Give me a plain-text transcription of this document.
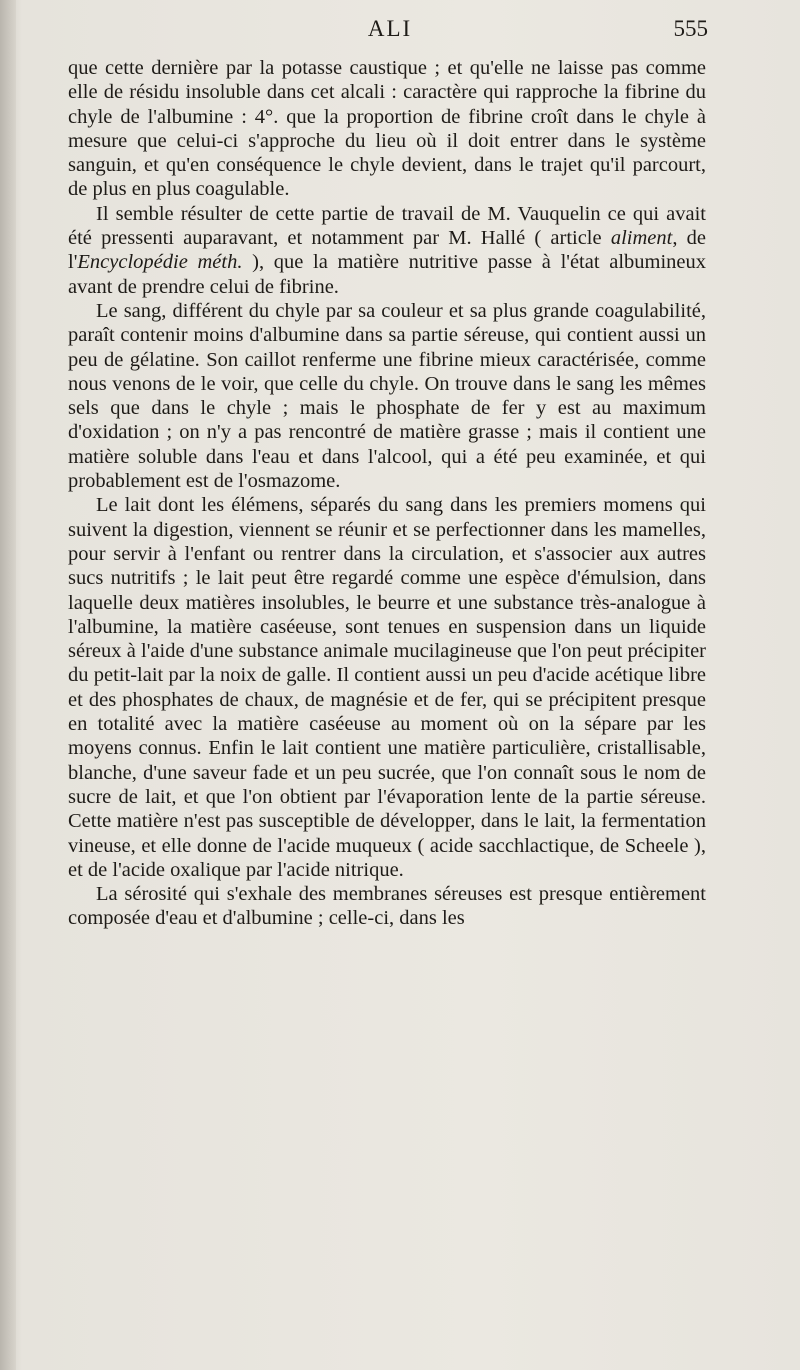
ALI	555

que cette dernière par la potasse caustique ; et qu'elle ne laisse pas comme elle de résidu insoluble dans cet alcali : caractère qui rapproche la fibrine du chyle de l'albumine : 4°. que la proportion de fibrine croît dans le chyle à mesure que celui-ci s'approche du lieu où il doit entrer dans le système sanguin, et qu'en conséquence le chyle devient, dans le trajet qu'il parcourt, de plus en plus coagulable.

Il semble résulter de cette partie de travail de M. Vauquelin ce qui avait été pressenti auparavant, et notamment par M. Hallé ( article aliment, de l'Encyclopédie méth. ), que la matière nutritive passe à l'état albumineux avant de prendre celui de fibrine.

Le sang, différent du chyle par sa couleur et sa plus grande coagulabilité, paraît contenir moins d'albumine dans sa partie séreuse, qui contient aussi un peu de gélatine. Son caillot renferme une fibrine mieux caractérisée, comme nous venons de le voir, que celle du chyle. On trouve dans le sang les mêmes sels que dans le chyle ; mais le phosphate de fer y est au maximum d'oxidation ; on n'y a pas rencontré de matière grasse ; mais il contient une matière soluble dans l'eau et dans l'alcool, qui a été peu examinée, et qui probablement est de l'osmazome.

Le lait dont les élémens, séparés du sang dans les premiers momens qui suivent la digestion, viennent se réunir et se perfectionner dans les mamelles, pour servir à l'enfant ou rentrer dans la circulation, et s'associer aux autres sucs nutritifs ; le lait peut être regardé comme une espèce d'émulsion, dans laquelle deux matières insolubles, le beurre et une substance très-analogue à l'albumine, la matière caséeuse, sont tenues en suspension dans un liquide séreux à l'aide d'une substance animale mucilagineuse que l'on peut précipiter du petit-lait par la noix de galle. Il contient aussi un peu d'acide acétique libre et des phosphates de chaux, de magnésie et de fer, qui se précipitent presque en totalité avec la matière caséeuse au moment où on la sépare par les moyens connus. Enfin le lait contient une matière particulière, cristallisable, blanche, d'une saveur fade et un peu sucrée, que l'on connaît sous le nom de sucre de lait, et que l'on obtient par l'évaporation lente de la partie séreuse. Cette matière n'est pas susceptible de développer, dans le lait, la fermentation vineuse, et elle donne de l'acide muqueux ( acide sacchlactique, de Scheele ), et de l'acide oxalique par l'acide nitrique.

La sérosité qui s'exhale des membranes séreuses est presque entièrement composée d'eau et d'albumine ; celle-ci, dans les
